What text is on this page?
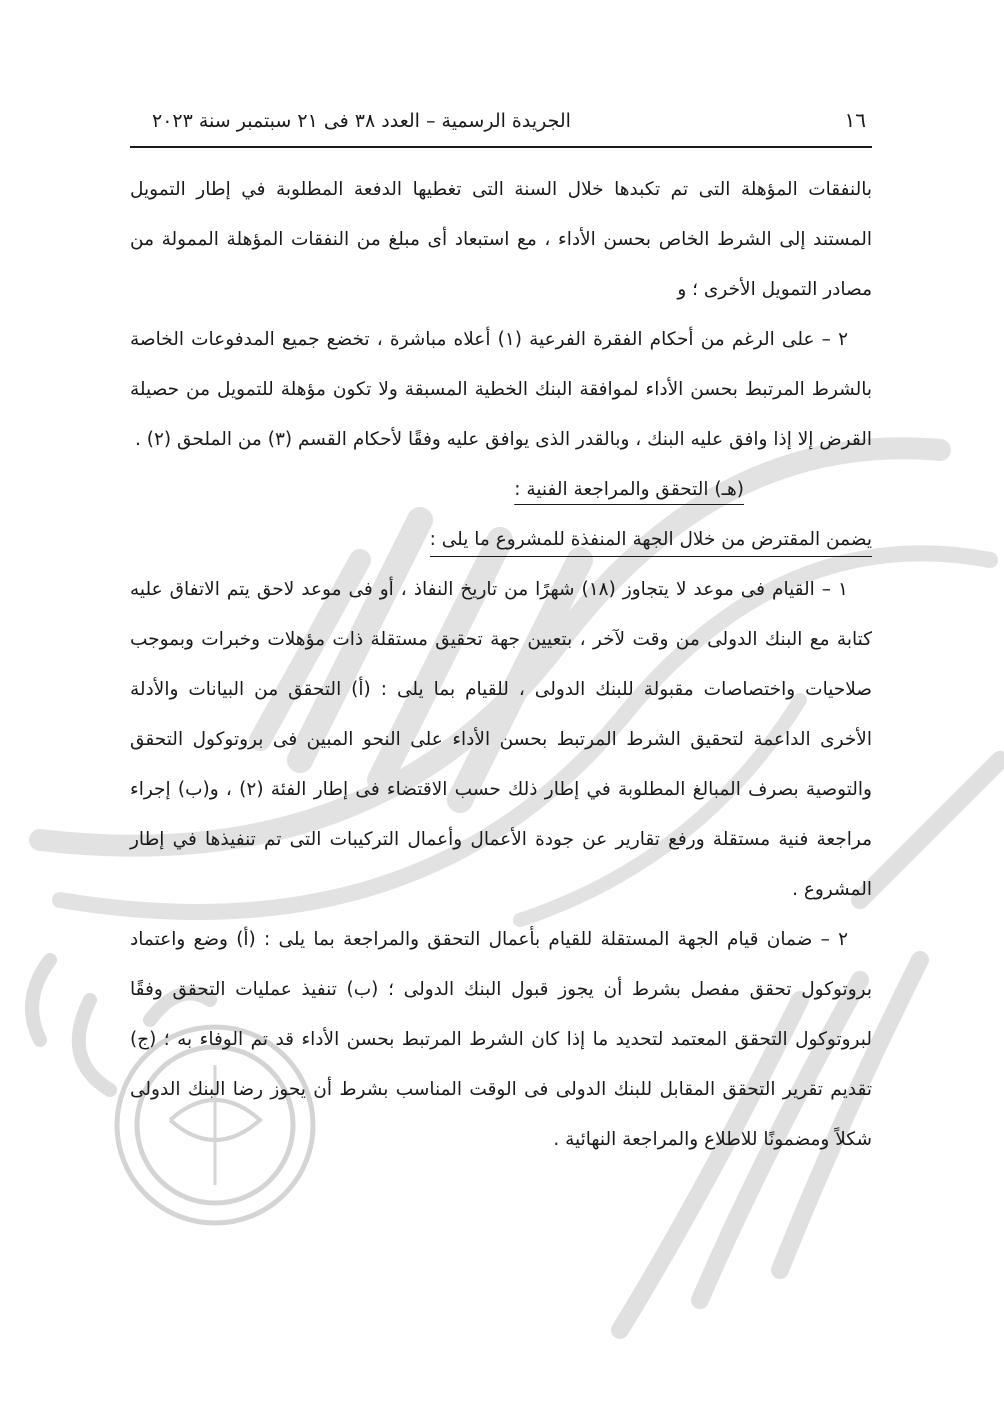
١٦
الجريدة الرسمية – العدد ٣٨ فى ٢١ سبتمبر سنة ٢٠٢٣

بالنفقات المؤهلة التى تم تكبدها خلال السنة التى تغطيها الدفعة المطلوبة في إطار التمويل المستند إلى الشرط الخاص بحسن الأداء ، مع استبعاد أى مبلغ من النفقات المؤهلة الممولة من مصادر التمويل الأخرى ؛ و

٢ – على الرغم من أحكام الفقرة الفرعية (١) أعلاه مباشرة ، تخضع جميع المدفوعات الخاصة بالشرط المرتبط بحسن الأداء لموافقة البنك الخطية المسبقة ولا تكون مؤهلة للتمويل من حصيلة القرض إلا إذا وافق عليه البنك ، وبالقدر الذى يوافق عليه وفقًا لأحكام القسم (٣) من الملحق (٢) .

(هـ) التحقق والمراجعة الفنية :

يضمن المقترض من خلال الجهة المنفذة للمشروع ما يلى :

١ – القيام فى موعد لا يتجاوز (١٨) شهرًا من تاريخ النفاذ ، أو فى موعد لاحق يتم الاتفاق عليه كتابة مع البنك الدولى من وقت لآخر ، بتعيين جهة تحقيق مستقلة ذات مؤهلات وخبرات وبموجب صلاحيات واختصاصات مقبولة للبنك الدولى ، للقيام بما يلى : (أ) التحقق من البيانات والأدلة الأخرى الداعمة لتحقيق الشرط المرتبط بحسن الأداء على النحو المبين فى بروتوكول التحقق والتوصية بصرف المبالغ المطلوبة في إطار ذلك حسب الاقتضاء فى إطار الفئة (٢) ، و(ب) إجراء مراجعة فنية مستقلة ورفع تقارير عن جودة الأعمال وأعمال التركيبات التى تم تنفيذها في إطار المشروع .

٢ – ضمان قيام الجهة المستقلة للقيام بأعمال التحقق والمراجعة بما يلى : (أ) وضع واعتماد بروتوكول تحقق مفصل بشرط أن يجوز قبول البنك الدولى ؛ (ب) تنفيذ عمليات التحقق وفقًا لبروتوكول التحقق المعتمد لتحديد ما إذا كان الشرط المرتبط بحسن الأداء قد تم الوفاء به ؛ (ج) تقديم تقرير التحقق المقابل للبنك الدولى فى الوقت المناسب بشرط أن يحوز رضا البنك الدولى شكلاً ومضمونًا للاطلاع والمراجعة النهائية .
